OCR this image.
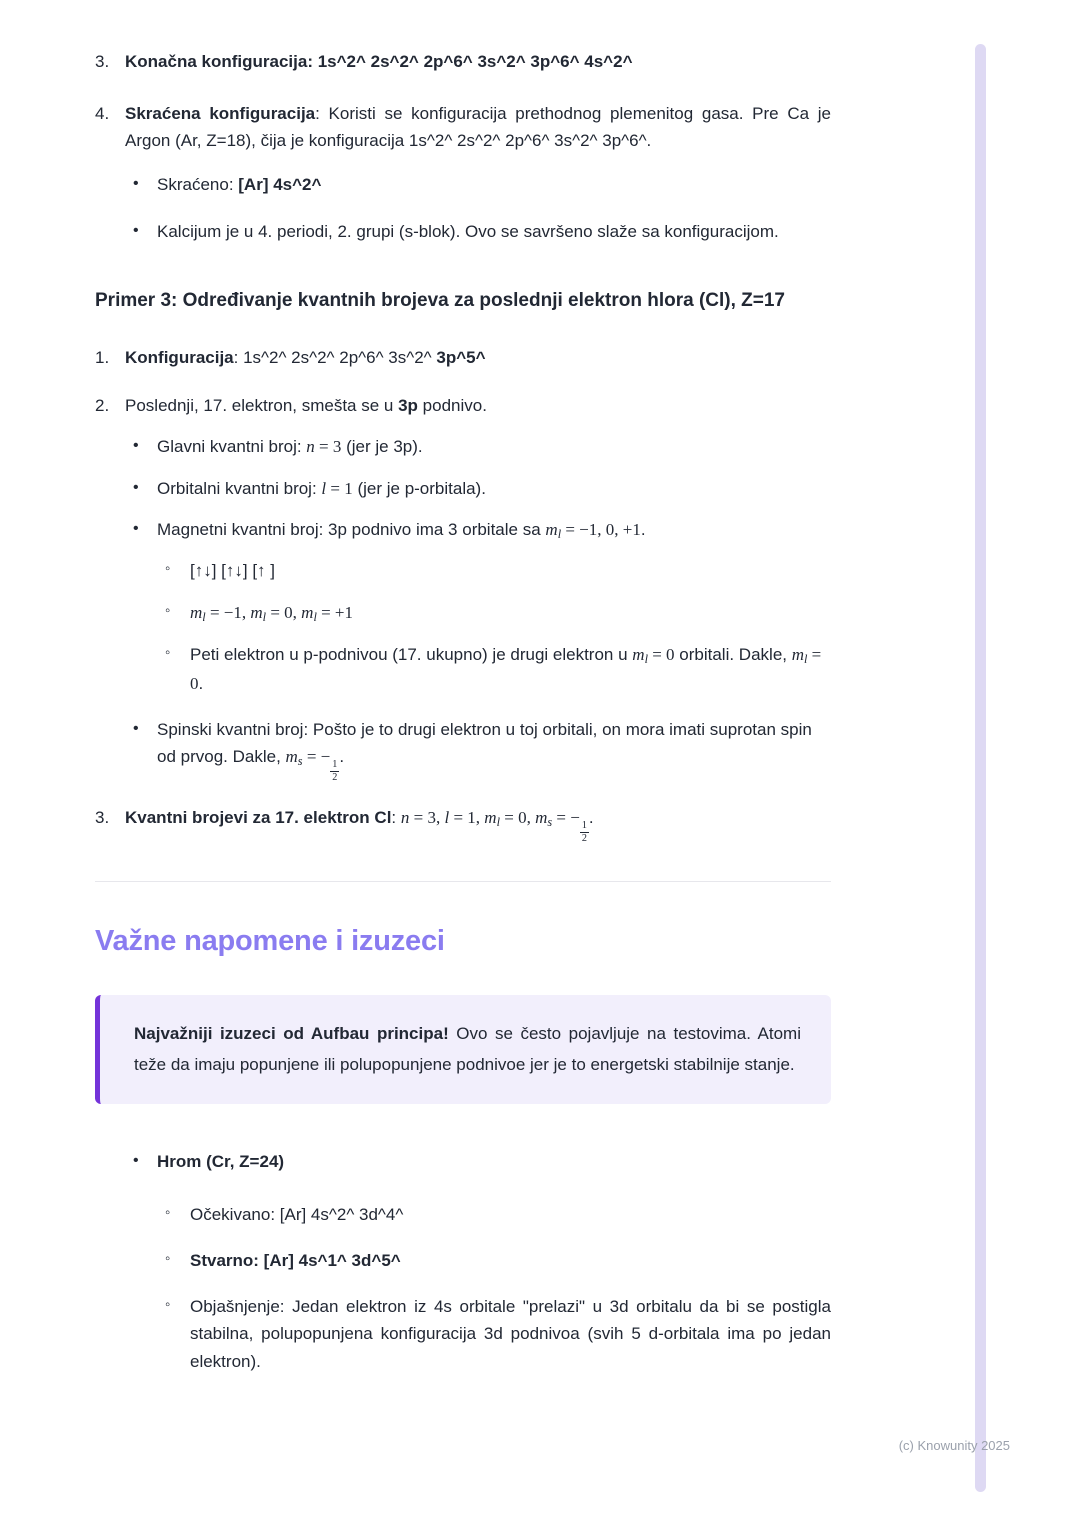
3. Konačna konfiguracija: 1s^2^ 2s^2^ 2p^6^ 3s^2^ 3p^6^ 4s^2^
4. Skraćena konfiguracija: Koristi se konfiguracija prethodnog plemenitog gasa. Pre Ca je Argon (Ar, Z=18), čija je konfiguracija 1s^2^ 2s^2^ 2p^6^ 3s^2^ 3p^6^.
•	Skraćeno: [Ar] 4s^2^
•	Kalcijum je u 4. periodi, 2. grupi (s-blok). Ovo se savršeno slaže sa konfiguracijom.
Primer 3: Određivanje kvantnih brojeva za poslednji elektron hlora (Cl), Z=17
1. Konfiguracija: 1s^2^ 2s^2^ 2p^6^ 3s^2^ 3p^5^
2. Poslednji, 17. elektron, smešta se u 3p podnivo.
•	Glavni kvantni broj: n = 3 (jer je 3p).
•	Orbitalni kvantni broj: l = 1 (jer je p-orbitala).
•	Magnetni kvantni broj: 3p podnivo ima 3 orbitale sa $m_l = -1$, 0, +1.
◦	[↑↓] [↑↓] [↑ ]
◦	$m_l = -1$, $m_l = 0$, $m_l = +1$
◦	Peti elektron u p-podnivou (17. ukupno) je drugi elektron u $m_l = 0$ orbitali. Dakle, $m_l = 0$.
•	Spinski kvantni broj: Pošto je to drugi elektron u toj orbitali, on mora imati suprotan spin od prvog. Dakle, $m_s$ = −
$\frac{1}{2}$
.
3. Kvantni brojevi za 17. elektron Cl: n = 3, l = 1, $m_l = 0$, $m_s$ = −
$\frac{1}{2}$
.
Važne napomene i izuzeci

Najvažniji izuzeci od Aufbau principa! Ovo se često pojavljuje na testovima. Atomi teže da imaju popunjene ili polupopunjene podnivoe jer je to energetski stabilnije stanje.

•	Hrom (Cr, Z=24)
◦	Očekivano: [Ar] 4s^2^ 3d^4^
◦	Stvarno: [Ar] 4s^1^ 3d^5^
◦	Objašnjenje: Jedan elektron iz 4s orbitale "prelazi" u 3d orbitalu da bi se postigla stabilna, polupopunjena konfiguracija 3d podnivoa (svih 5 d-orbitala ima po jedan elektron).
(c) Knowunity 2025
